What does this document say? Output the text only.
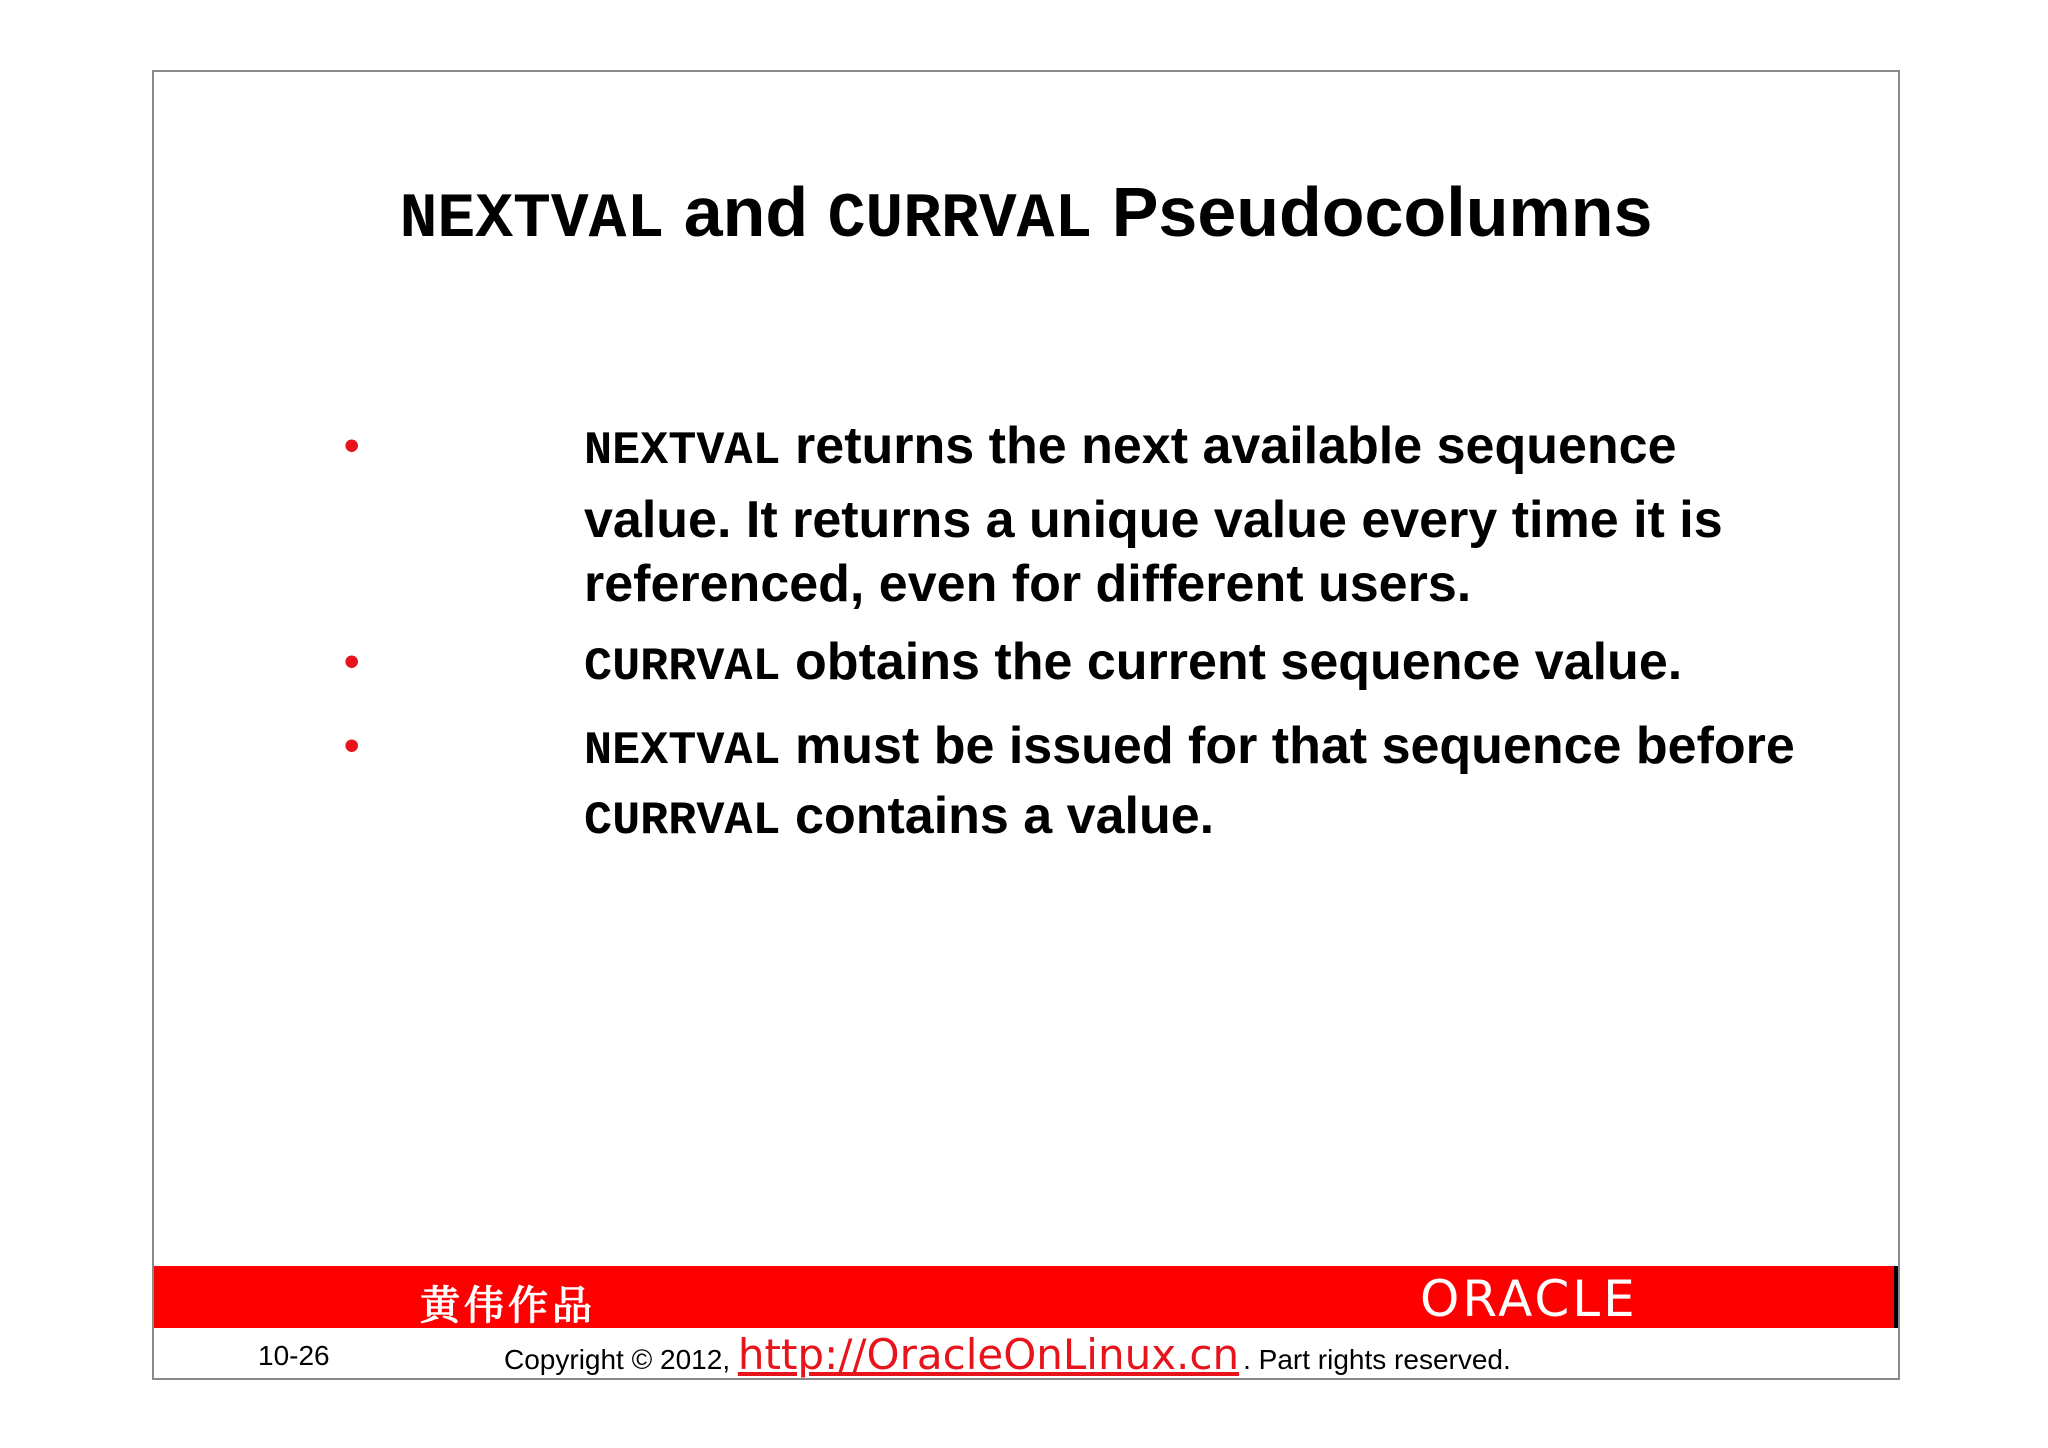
NEXTVAL and CURRVAL Pseudocolumns
•	NEXTVAL returns the next available sequence
value. It returns a unique value every time it is
referenced, even for different users.
•	CURRVAL obtains the current sequence value.
•	NEXTVAL must be issued for that sequence before
CURRVAL contains a value.
黄伟作品	ORACLE
10-26	Copyright © 2012, http://OracleOnLinux.cn . Part rights reserved.
